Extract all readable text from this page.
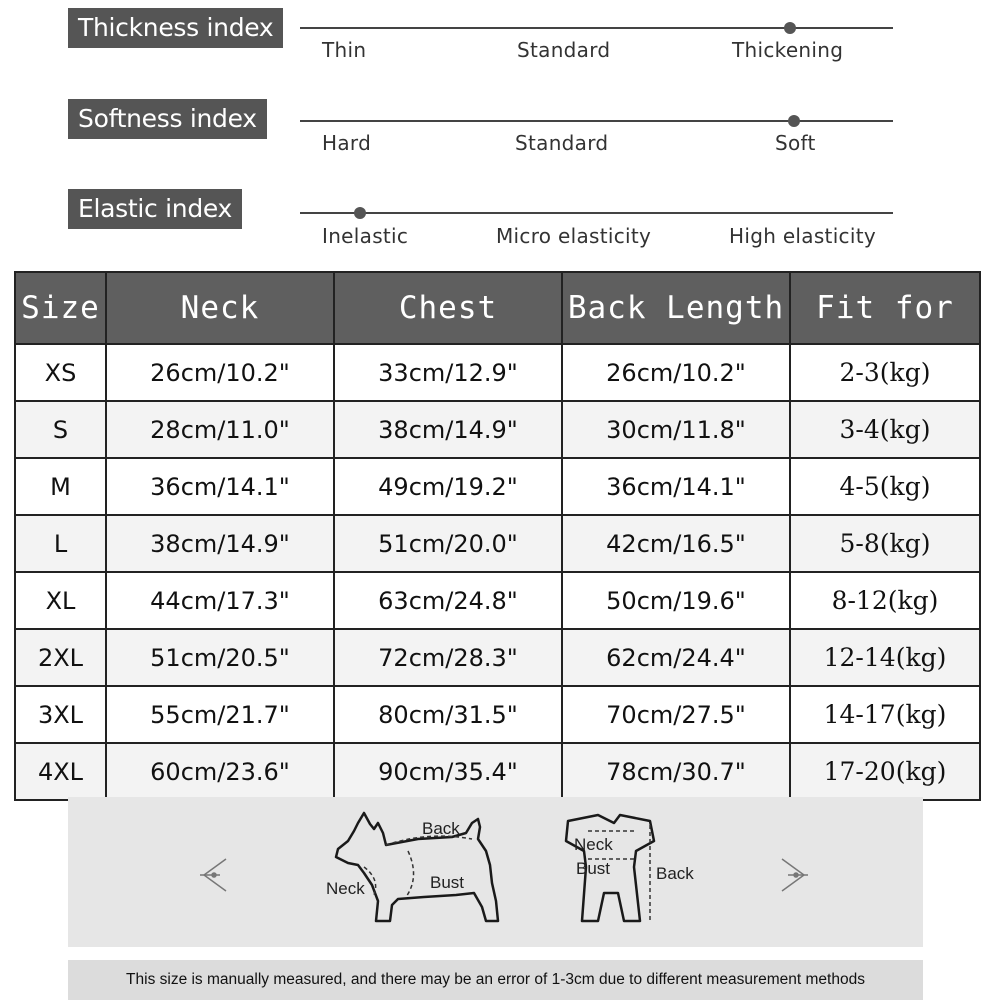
Thickness index
Thin	Standard	Thickening
Softness index
Hard	Standard	Soft
Elastic index
Inelastic	Micro elasticity	High elasticity
Size	Neck	Chest	Back Length	Fit for
XS	26cm/10.2"	33cm/12.9"	26cm/10.2"	2-3(kg)
S	28cm/11.0"	38cm/14.9"	30cm/11.8"	3-4(kg)
M	36cm/14.1"	49cm/19.2"	36cm/14.1"	4-5(kg)
L	38cm/14.9"	51cm/20.0"	42cm/16.5"	5-8(kg)
XL	44cm/17.3"	63cm/24.8"	50cm/19.6"	8-12(kg)
2XL	51cm/20.5"	72cm/28.3"	62cm/24.4"	12-14(kg)
3XL	55cm/21.7"	80cm/31.5"	70cm/27.5"	14-17(kg)
4XL	60cm/23.6"	90cm/35.4"	78cm/30.7"	17-20(kg)
Back
Neck	Bust
Neck
Bust	Back
This size is manually measured, and there may be an error of 1-3cm due to different measurement methods
